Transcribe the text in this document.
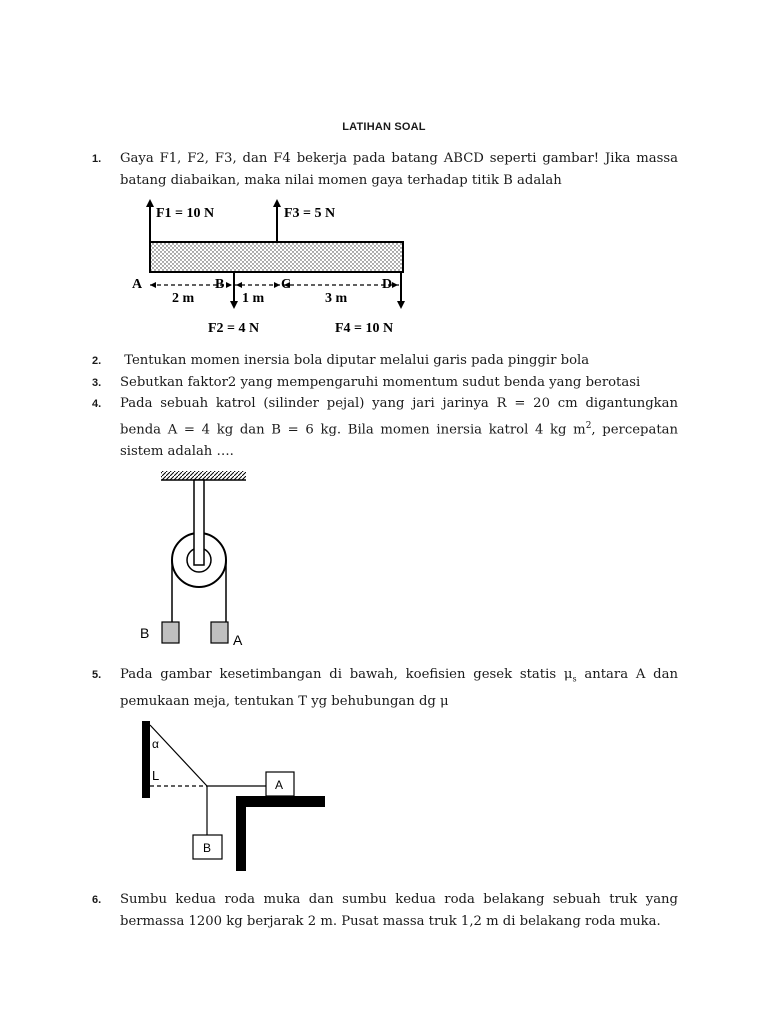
LATIHAN SOAL
1. Gaya F1, F2, F3, dan F4 bekerja pada batang ABCD seperti gambar! Jika massa batang diabaikan, maka nilai momen gaya terhadap titik B adalah
F1 = 10 N	F3 = 5 N
A	B	C	D
2 m	1 m	3 m
F2 = 4 N	F4 = 10 N
2. Tentukan momen inersia bola diputar melalui garis pada pinggir bola
3. Sebutkan faktor2 yang mempengaruhi momentum sudut benda yang berotasi
4. Pada sebuah katrol (silinder pejal) yang jari jarinya R = 20 cm digantungkan benda A = 4 kg dan B = 6 kg. Bila momen inersia katrol 4 kg $m^2$, percepatan sistem adalah ….
B	A
5. Pada gambar kesetimbangan di bawah, koefisien gesek statis $\mu_s$ antara A dan pemukaan meja, tentukan T yg behubungan dg μ
α
L
A
B
6. Sumbu kedua roda muka dan sumbu kedua roda belakang sebuah truk yang bermassa 1200 kg berjarak 2 m. Pusat massa truk 1,2 m di belakang roda muka.
